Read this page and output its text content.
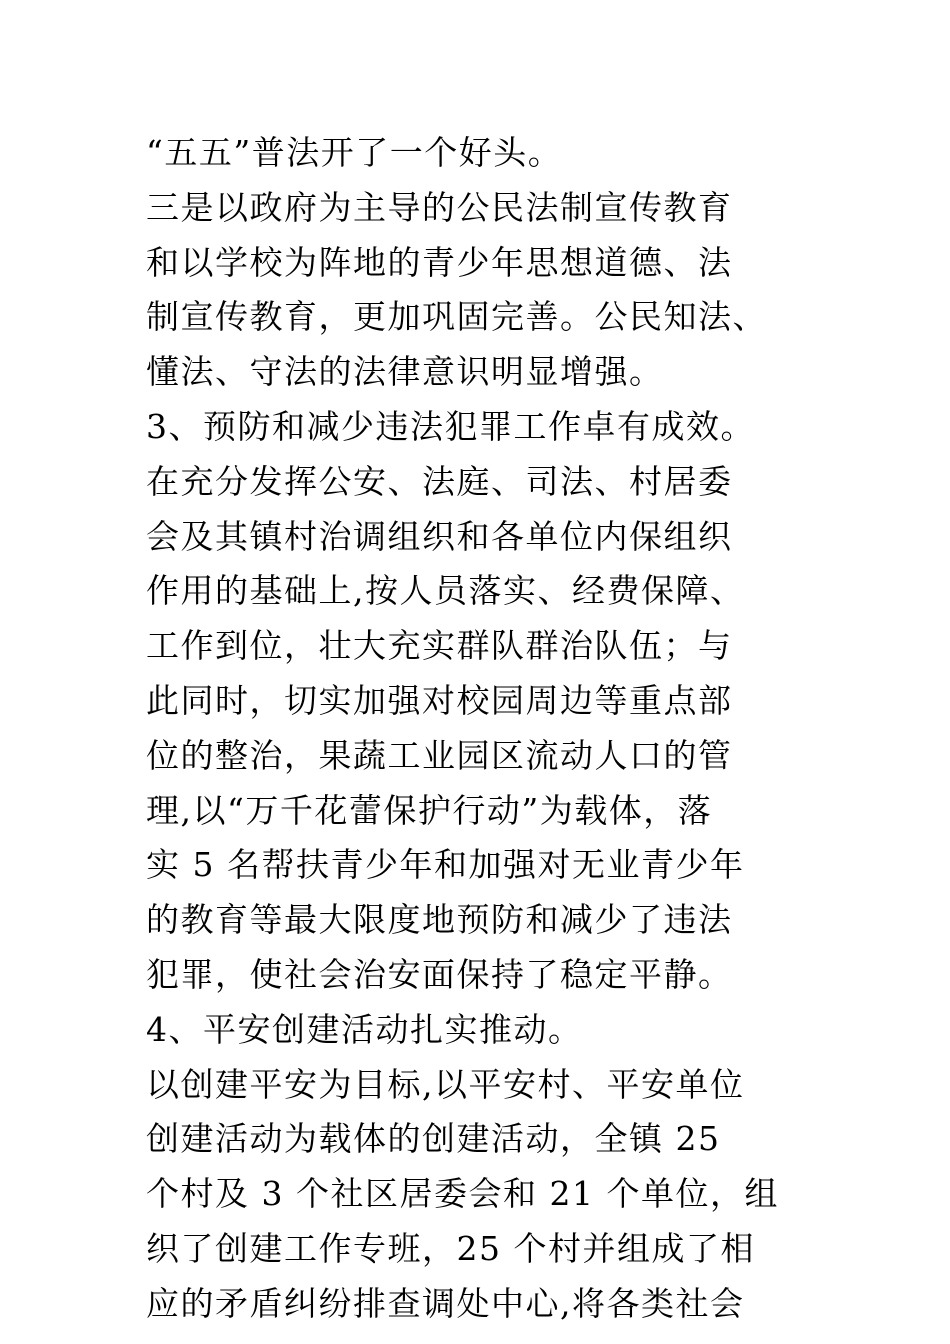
“五五”普法开了一个好头。
三是以政府为主导的公民法制宣传教育
和以学校为阵地的青少年思想道德、法
制宣传教育，更加巩固完善。公民知法、
懂法、守法的法律意识明显增强。
3、预防和减少违法犯罪工作卓有成效。
在充分发挥公安、法庭、司法、村居委
会及其镇村治调组织和各单位内保组织
作用的基础上,按人员落实、经费保障、
工作到位，壮大充实群队群治队伍；与
此同时，切实加强对校园周边等重点部
位的整治，果蔬工业园区流动人口的管
理,以“万千花蕾保护行动”为载体，落
实 5 名帮扶青少年和加强对无业青少年
的教育等最大限度地预防和减少了违法
犯罪，使社会治安面保持了稳定平静。
4、平安创建活动扎实推动。
以创建平安为目标,以平安村、平安单位
创建活动为载体的创建活动，全镇 25
个村及 3 个社区居委会和 21 个单位，组
织了创建工作专班，25 个村并组成了相
应的矛盾纠纷排查调处中心,将各类社会
